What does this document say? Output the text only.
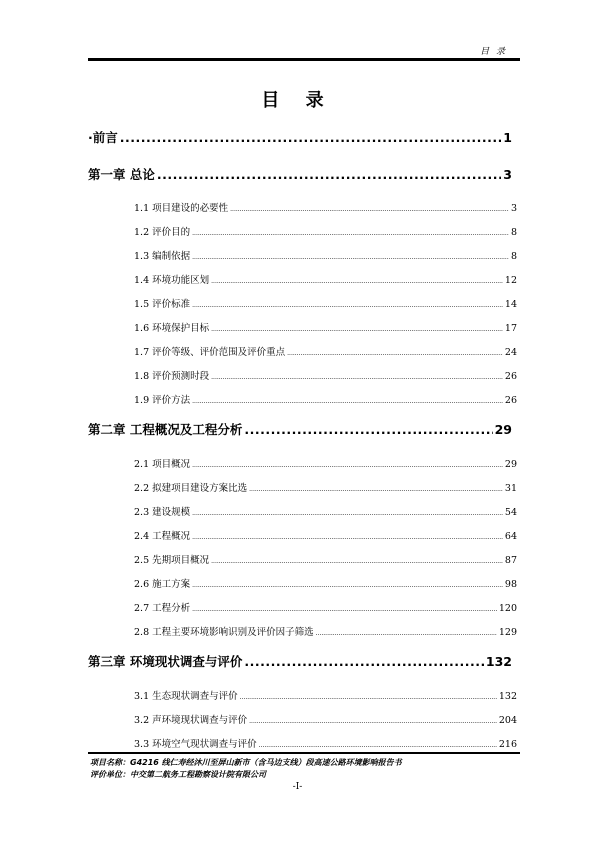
目 录
目 录
·前言 .....	1
第一章 总论 .....	3
1.1 项目建设的必要性 .....	3
1.2 评价目的 .....	8
1.3 编制依据 .....	8
1.4 环境功能区划 .....	12
1.5 评价标准 .....	14
1.6 环境保护目标 .....	17
1.7 评价等级、评价范围及评价重点 .....	24
1.8 评价预测时段 .....	26
1.9 评价方法 .....	26
第二章 工程概况及工程分析 .....	29
2.1 项目概况 .....	29
2.2 拟建项目建设方案比选 .....	31
2.3 建设规模 .....	54
2.4 工程概况 .....	64
2.5 先期项目概况 .....	87
2.6 施工方案 .....	98
2.7 工程分析 .....	120
2.8 工程主要环境影响识别及评价因子筛选 .....	129
第三章 环境现状调查与评价 .....	132
3.1 生态现状调查与评价 .....	132
3.2 声环境现状调查与评价 .....	204
3.3 环境空气现状调查与评价 .....	216
项目名称：G4216 线仁寿经沐川至屏山新市（含马边支线）段高速公路环境影响报告书
评价单位：中交第二航务工程勘察设计院有限公司
-I-
